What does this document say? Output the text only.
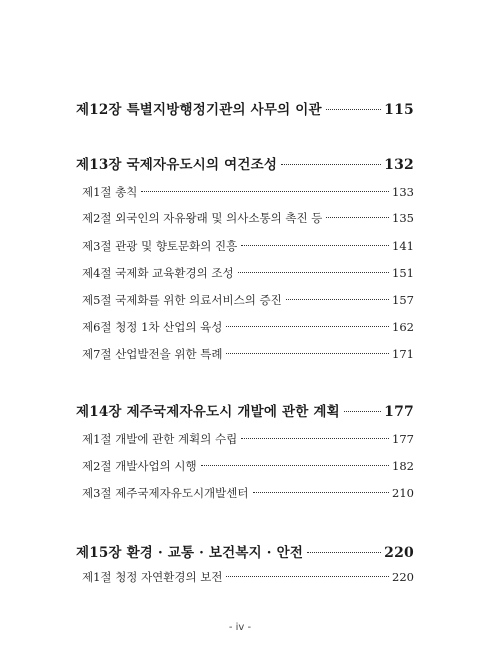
제12장 특별지방행정기관의 사무의 이관	115
제13장 국제자유도시의 여건조성	132
제1절 총칙	133
제2절 외국인의 자유왕래 및 의사소통의 촉진 등	135
제3절 관광 및 향토문화의 진흥	141
제4절 국제화 교육환경의 조성	151
제5절 국제화를 위한 의료서비스의 증진	157
제6절 청정 1차 산업의 육성	162
제7절 산업발전을 위한 특례	171
제14장 제주국제자유도시 개발에 관한 계획	177
제1절 개발에 관한 계획의 수립	177
제2절 개발사업의 시행	182
제3절 제주국제자유도시개발센터	210
제15장 환경 · 교통 · 보건복지 · 안전	220
제1절 청정 자연환경의 보전	220
- iv -
